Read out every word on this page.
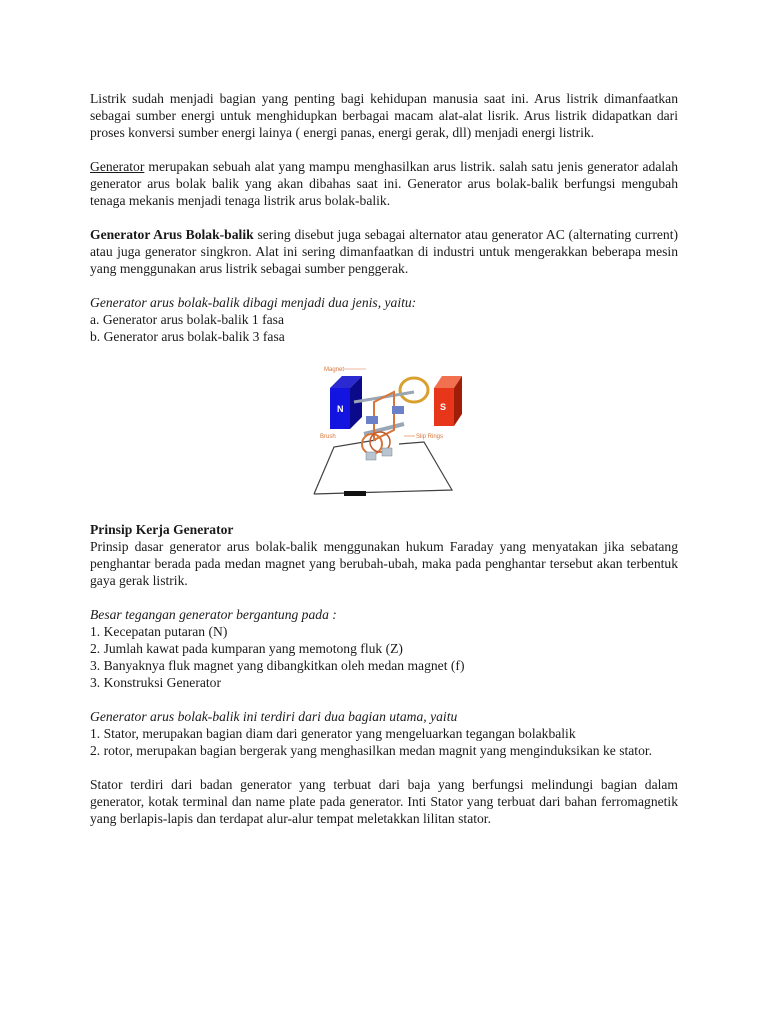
Listrik sudah menjadi bagian yang penting bagi kehidupan manusia saat ini. Arus listrik dimanfaatkan sebagai sumber energi untuk menghidupkan berbagai macam alat-alat lisrik. Arus listrik didapatkan dari proses konversi sumber energi lainya ( energi panas, energi gerak, dll) menjadi energi listrik.

Generator merupakan sebuah alat yang mampu menghasilkan arus listrik. salah satu jenis generator adalah generator arus bolak balik yang akan dibahas saat ini. Generator arus bolak-balik berfungsi mengubah tenaga mekanis menjadi tenaga listrik arus bolak-balik.

Generator Arus Bolak-balik sering disebut juga sebagai alternator atau generator AC (alternating current) atau juga generator singkron. Alat ini sering dimanfaatkan di industri untuk mengerakkan beberapa mesin yang menggunakan arus listrik sebagai sumber penggerak.

Generator arus bolak-balik dibagi menjadi dua jenis, yaitu:

a. Generator arus bolak-balik 1 fasa

b. Generator arus bolak-balik 3 fasa

N	S
Magnet
Brush	Slip Rings

Prinsip Kerja Generator

Prinsip dasar generator arus bolak-balik menggunakan hukum Faraday yang menyatakan jika sebatang penghantar berada pada medan magnet yang berubah-ubah, maka pada penghantar tersebut akan terbentuk gaya gerak listrik.

Besar tegangan generator bergantung pada :

1. Kecepatan putaran (N)

2. Jumlah kawat pada kumparan yang memotong fluk (Z)

3. Banyaknya fluk magnet yang dibangkitkan oleh medan magnet (f)

3. Konstruksi Generator

Generator arus bolak-balik ini terdiri dari dua bagian utama, yaitu

1. Stator, merupakan bagian diam dari generator yang mengeluarkan tegangan bolakbalik

2. rotor, merupakan bagian bergerak yang menghasilkan medan magnit yang menginduksikan ke stator.

Stator terdiri dari badan generator yang terbuat dari baja yang berfungsi melindungi bagian dalam generator, kotak terminal dan name plate pada generator. Inti Stator yang terbuat dari bahan ferromagnetik yang berlapis-lapis dan terdapat alur-alur tempat meletakkan lilitan stator.
